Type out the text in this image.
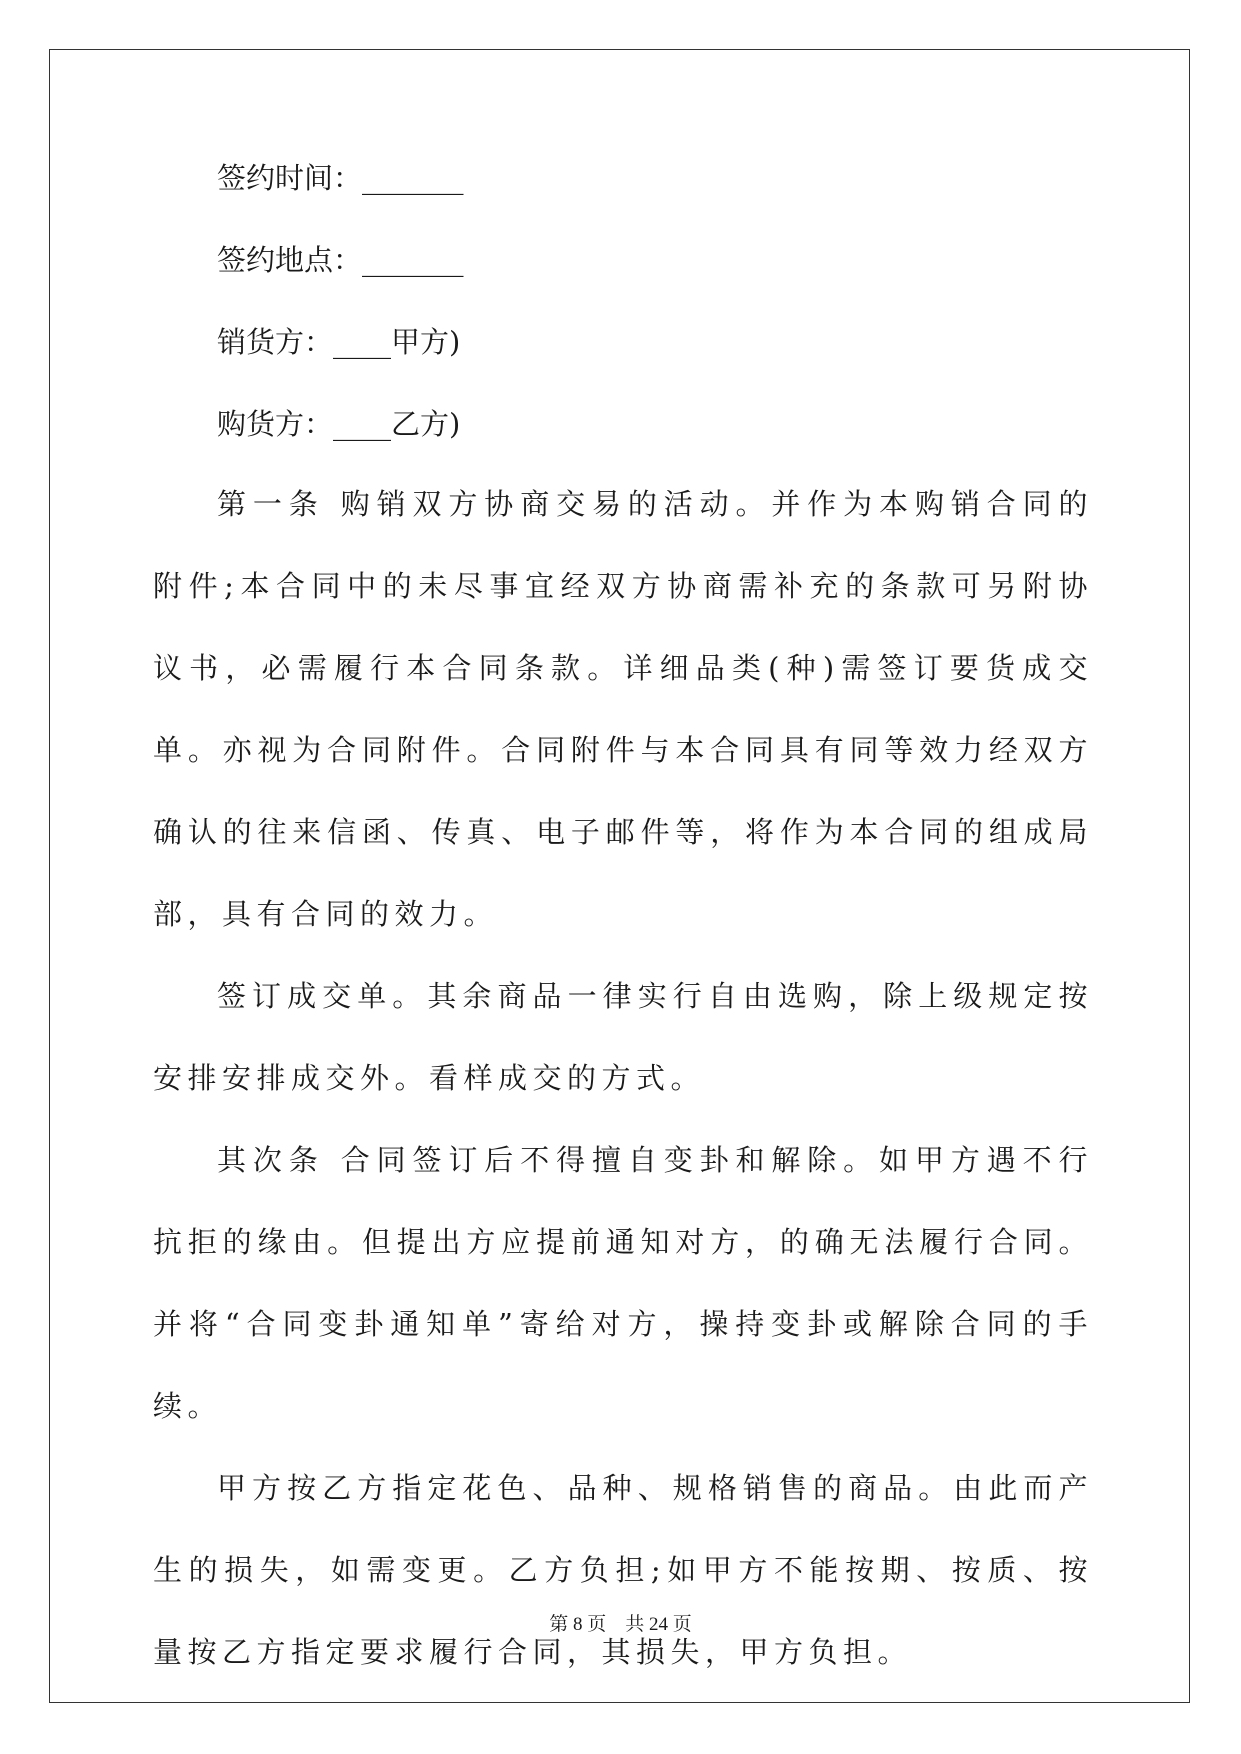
签约时间：_______

签约地点：_______

销货方：____甲方)

购货方：____乙方)

第一条 购销双方协商交易的活动。并作为本购销合同的附件;本合同中的未尽事宜经双方协商需补充的条款可另附协议书，必需履行本合同条款。详细品类(种)需签订要货成交单。亦视为合同附件。合同附件与本合同具有同等效力经双方确认的往来信函、传真、电子邮件等，将作为本合同的组成局部，具有合同的效力。

签订成交单。其余商品一律实行自由选购，除上级规定按安排安排成交外。看样成交的方式。

其次条 合同签订后不得擅自变卦和解除。如甲方遇不行抗拒的缘由。但提出方应提前通知对方，的确无法履行合同。并将“合同变卦通知单”寄给对方，操持变卦或解除合同的手续。

甲方按乙方指定花色、品种、规格销售的商品。由此而产生的损失，如需变更。乙方负担;如甲方不能按期、按质、按量按乙方指定要求履行合同，其损失，甲方负担。

第 8 页　共 24 页
